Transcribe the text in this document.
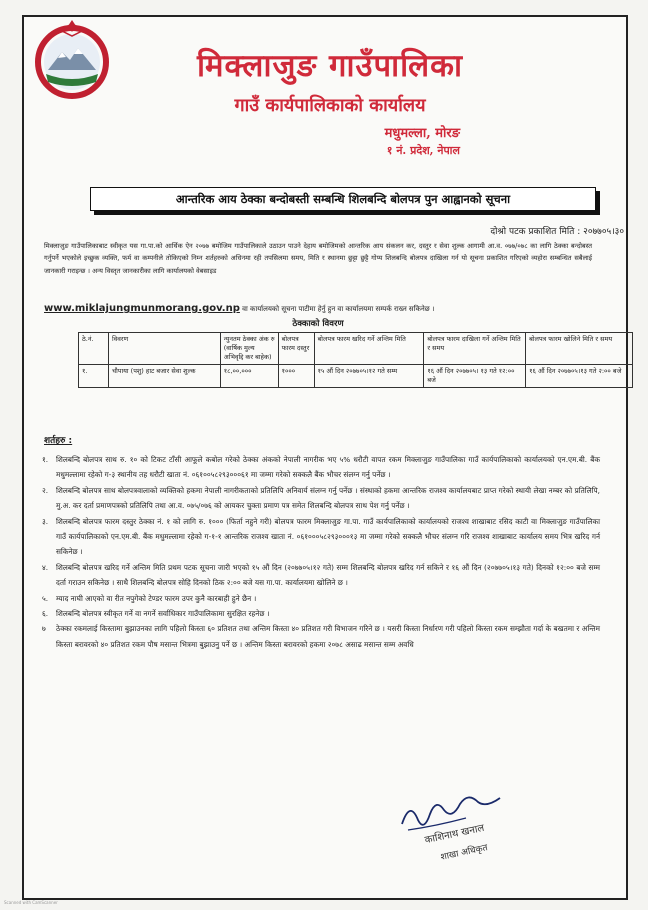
मिक्लाजुङ गाउँपालिका
गाउँ कार्यपालिकाको कार्यालय
मधुमल्ला, मोरङ
१ नं. प्रदेश, नेपाल
आन्तरिक आय ठेक्का बन्दोबस्ती सम्बन्धि शिलबन्दि बोलपत्र पुन आह्वानको सूचना
दोश्रो पटक प्रकाशित मिति : २०७७०५।३०
मिक्लाजुङ गाउँपालिकाबाट स्वीकृत यस गा.पा.को आर्थिक ऐन २०७७ बमोजिम गाउँपालिकाले उठाउन पाउने देहाय बमोजिमको आन्तरिक आय संकलन कर, दस्तुर र सेवा शुल्क आगामी आ.व. ०७७/०७८ का लागि ठेक्का बन्दोबस्त गर्नुपर्ने भएकोले इच्छुक व्यक्ति, फर्म वा कम्पनीले तोकिएको निम्न शर्तहरुको अधिनमा रही तपसिलमा समय, मिति र स्थानमा छुट्टा छुट्टै गोप्य शिलबन्दि बोलपत्र दाखिला गर्न यो सूचना प्रकाशित गरिएको व्यहोरा सम्बन्धित सबैलाई जानकारी गराइन्छ । अन्य विस्तृत जानकारीका लागि कार्यालयको वेबसाइड
www.miklajungmunmorang.gov.np वा कार्यालयको सूचना पाटीमा हेर्नु हुन वा कार्यालयमा सम्पर्क राख्न सकिनेछ ।
ठेक्काको विवरण
ठे.नं.	विवरण	न्युनतम ठेक्का अंक रु (वार्षिक मुल्य अभिवृद्दि कर बाहेक)	बोलपत्र फारम दस्तुर	बोलपत्र फारम खरिद गर्ने अन्तिम मिति	बोलपत्र फारम दाखिला गर्ने अन्तिम मिति र समय	बोलपत्र फारम खोलिने मिति र समय
१.	चौपाया (पशु) हाट बजार सेवा शुल्क	१८,००,०००	१०००	१५ औं दिन २०७७०५।१२ गते सम्म	१६ औं दिन २०७७०५। १३ गते १२:०० बजे	१६ औं दिन २०७७०५।१३ गते २:०० बजे
शर्तहरु :

१.	शिलबन्दि बोलपत्र साथ रु. १० को टिकट टाँसी आफूले कबोल गरेको ठेक्का अंकको नेपाली नागरीक भए ५% धरौटी वापत रकम मिक्लाजुङ गाउँपालिका गाउँ कार्यपालिकाको कार्यालयको एन.एम.बी. बैंक मधुमल्लामा रहेको ग-३ स्थानीय तह धरौटी खाता नं. ०६१००५८२९३०००६१ मा जम्मा गरेको सक्कलै बैंक भौचर संलग्न गर्नु पर्नेछ ।

२.	शिलबन्दि बोलपत्र साथ बोलपत्रवालाको व्यक्तिको हकमा नेपाली नागरीकताको प्रतिलिपि अनिवार्य संलग्न गर्नु पर्नेछ । संस्थाको हकमा आन्तरिक राजश्व कार्यालयबाट प्राप्त गरेको स्थायी लेखा नम्बर को प्रतिलिपि, मु.अ. कर दर्ता प्रमाणपत्रको प्रतिलिपि तथा आ.व. ०७५/०७६ को आयकर चुक्ता प्रमाण पत्र समेत शिलबन्दि बोलपत्र साथ पेश गर्नु पर्नेछ ।

३.	शिलबन्दि बोलपत्र फारम दस्तुर ठेक्का नं. १ को लागि रु. १००० (फिर्ता नहुने गरी) बोलपत्र फारम मिक्लाजुङ गा.पा. गाउँ कार्यपालिकाको कार्यालयको राजश्व शाखाबाट रसिद काटी वा मिक्लाजुङ गाउँपालिका गाउँ कार्यपालिकाको एन.एम.बी. बैंक मधुमल्लामा रहेको ग-१-१ आन्तरिक राजश्व खाता नं. ०६१०००५८२९३०००१३ मा जम्मा गरेको सक्कलै भौचर संलग्न गरि राजश्व शाखाबाट कार्यालय समय भित्र खरिद गर्न सकिनेछ ।

४.	शिलबन्दि बोलपत्र खरिद गर्ने अन्तिम मिति प्रथम पटक सूचना जारी भएको १५ औं दिन (२०७७०५।१२ गते) सम्म शिलबन्दि बोलपत्र खरिद गर्न सकिने र १६ औं दिन (२०७७०५।१३ गते) दिनको १२:०० बजे सम्म दर्ता गराउन सकिनेछ । साथै शिलबन्दि बोलपत्र सोहि दिनको ठिक २:०० बजे यस गा.पा. कार्यालयमा खोलिने छ ।

५.	म्याद नाघी आएको वा रीत नपुगेको टेण्डर फारम उपर कुनै कारबाही हुने छैन ।

६.	शिलबन्दि बोलपत्र स्वीकृत गर्ने वा नगर्ने सर्वाधिकार गाउँपालिकामा सुरक्षित रहनेछ ।

७	ठेक्का रकमलाई किस्तामा बुझाउनका लागि पहिलो किस्ता ६० प्रतिशत तथा अन्तिम किस्ता ४० प्रतिशत गरी विभाजन गरिने छ । यसरी किस्ता निर्धारण गरी पहिलो किस्ता रकम सम्झौता गर्दा के बखतमा र अन्तिम किस्ता बरावरको ४० प्रतिशत रकम पौष मसान्त भित्रमा बुझाउनु पर्ने छ । अन्तिम किस्ता बरावरको हकमा २०७८ असाढ मसान्त सम्म अवधि

काशिनाथ खनाल
शाखा अधिकृत
Scanned with CamScanner
